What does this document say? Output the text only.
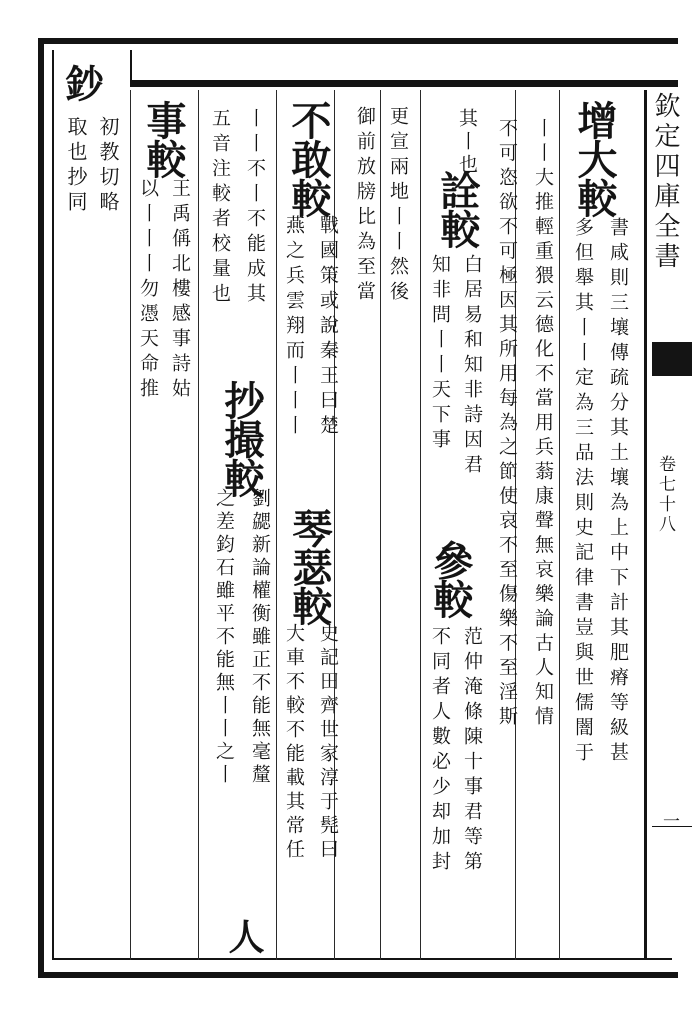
欽定四庫全書
卷七十八
一
增大較
書咸則三壤傳疏分其土壤為上中下計其肥瘠等級甚
多但舉其丨丨定為三品法則史記律書豈與世儒闇于
丨丨大推輕重猥云德化不當用兵蓊康聲無哀樂論古人知情
不可恣欲不可極因其所用每為之節使哀不至傷樂不至淫斯
其丨也
詮較
白居易和知非詩因君
知非問丨丨天下事
參較
范仲淹條陳十事君等第
不同者人數必少却加封
更宣兩地丨丨然後
御前放牓比為至當
不敢較
戰國策或說秦王曰楚
燕之兵雲翔而丨丨丨
琴瑟較
史記田齊世家淳于髡曰
大車不較不能載其常任
丨丨不丨不能成其
五音注較者校量也
抄撮較
劉勰新論權衡雖正不能無毫釐
之差鈞石雖平不能無丨丨之丨
人
事較
王禹偁北樓感事詩姑
以丨丨丨勿憑天命推
鈔
初教切略
取也抄同
